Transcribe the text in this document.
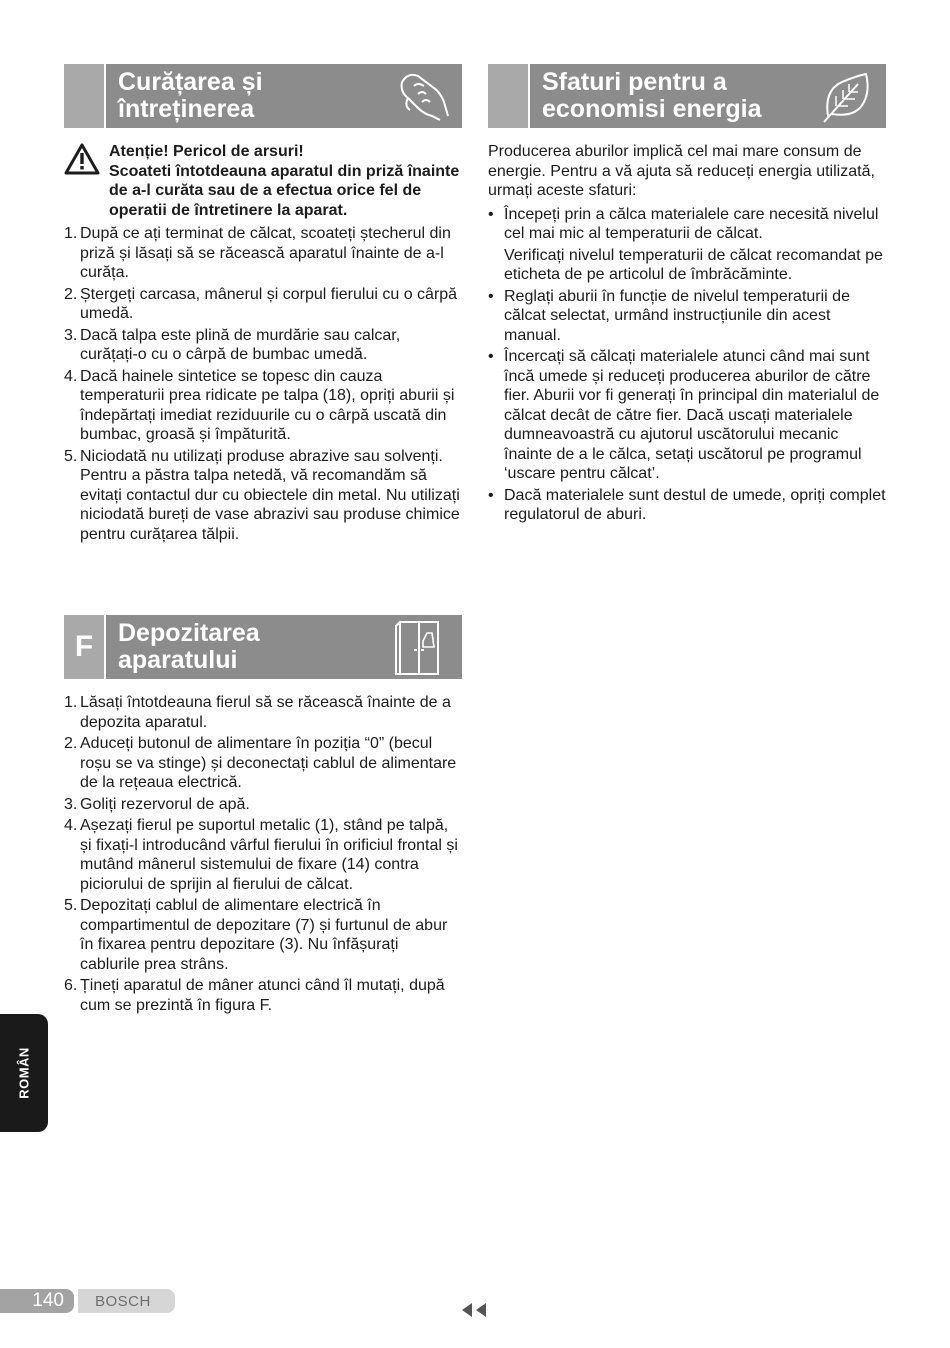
Curățarea și
întreținerea
Atenție! Pericol de arsuri!
Scoateti întotdeauna aparatul din priză înainte de a-l curăta sau de a efectua orice fel de operatii de întretinere la aparat.
1. După ce ați terminat de călcat, scoateți ștecherul din priză și lăsați să se răcească aparatul înainte de a-l curăța.
2. Ștergeți carcasa, mânerul și corpul fierului cu o cârpă umedă.
3. Dacă talpa este plină de murdărie sau calcar, curățați-o cu o cârpă de bumbac umedă.
4. Dacă hainele sintetice se topesc din cauza temperaturii prea ridicate pe talpa (18), opriți aburii și îndepărtați imediat reziduurile cu o cârpă uscată din bumbac, groasă și împăturită.
5. Niciodată nu utilizați produse abrazive sau solvenți. Pentru a păstra talpa netedă, vă recomandăm să evitați contactul dur cu obiectele din metal. Nu utilizați niciodată bureți de vase abrazivi sau produse chimice pentru curățarea tălpii.
F Depozitarea
aparatului
1. Lăsați întotdeauna fierul să se răcească înainte de a depozita aparatul.
2. Aduceți butonul de alimentare în poziția “0” (becul roșu se va stinge) și deconectați cablul de alimentare de la rețeaua electrică.
3. Goliți rezervorul de apă.
4. Așezați fierul pe suportul metalic (1), stând pe talpă, și fixați-l introducând vârful fierului în orificiul frontal și mutând mânerul sistemului de fixare (14) contra piciorului de sprijin al fierului de călcat.
5. Depozitați cablul de alimentare electrică în compartimentul de depozitare (7) și furtunul de abur în fixarea pentru depozitare (3). Nu înfășurați cablurile prea strâns.
6. Țineți aparatul de mâner atunci când îl mutați, după cum se prezintă în figura F.
Sfaturi pentru a
economisi energia

Producerea aburilor implică cel mai mare consum de energie. Pentru a vă ajuta să reduceți energia utilizată, urmați aceste sfaturi:

• Începeți prin a călca materialele care necesită nivelul cel mai mic al temperaturii de călcat.
Verificați nivelul temperaturii de călcat recomandat pe eticheta de pe articolul de îmbrăcăminte.
• Reglați aburii în funcție de nivelul temperaturii de călcat selectat, urmând instrucțiunile din acest manual.
• Încercați să călcați materialele atunci când mai sunt încă umede și reduceți producerea aburilor de către fier. Aburii vor fi generați în principal din materialul de călcat decât de către fier. Dacă uscați materialele dumneavoastră cu ajutorul uscătorului mecanic înainte de a le călca, setați uscătorul pe programul ‘uscare pentru călcat’.
• Dacă materialele sunt destul de umede, opriți complet regulatorul de aburi.
ROMÂN
140	BOSCH
